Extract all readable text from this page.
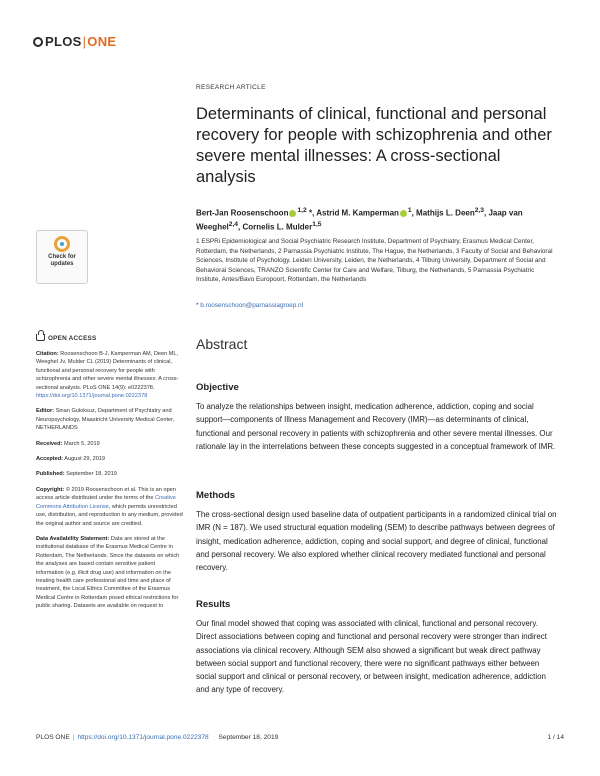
PLOS|ONE
RESEARCH ARTICLE
Determinants of clinical, functional and personal recovery for people with schizophrenia and other severe mental illnesses: A cross-sectional analysis
Bert-Jan Roosenschoon $^{1,2}$ *, Astrid M. Kamperman $^1$, Mathijs L. Deen$^{2,3}$, Jaap van Weeghel$^{2,4}$, Cornelis L. Mulder$^{1,5}$
1 ESPRi Epidemiological and Social Psychiatric Research Institute, Department of Psychiatry, Erasmus Medical Center, Rotterdam, the Netherlands, 2 Parnassia Psychiatric Institute, The Hague, the Netherlands, 3 Faculty of Social and Behavioral Sciences, Institute of Psychology, Leiden University, Leiden, the Netherlands, 4 Tilburg University, Department of Social and Behavioral Sciences, TRANZO Scientific Center for Care and Welfare, Tilburg, the Netherlands, 5 Parnassia Psychiatric Institute, Antes/Bavo Europoort, Rotterdam, the Netherlands
* b.roosenschoon@parnassiagroep.nl
Check for
updates
OPEN ACCESS
Citation: Roosenschoon B-J, Kamperman AM, Deen ML, Weeghel Jv, Mulder CL (2019) Determinants of clinical, functional and personal recovery for people with schizophrenia and other severe mental illnesses: A cross-sectional analysis. PLoS ONE 14(9): e0222378. https://doi.org/10.1371/journal.pone.0222378
Editor: Sinan Guloksuz, Department of Psychiatry and Neuropsychology, Maastricht University Medical Center, NETHERLANDS
Received: March 5, 2019
Accepted: August 29, 2019
Published: September 18, 2019
Copyright: © 2019 Roosenschoon et al. This is an open access article distributed under the terms of the Creative Commons Attribution License, which permits unrestricted use, distribution, and reproduction in any medium, provided the original author and source are credited.
Data Availability Statement: Data are stored at the institutional database of the Erasmus Medical Centre in Rotterdam, The Netherlands. Since the datasets on which the analyses are based contain sensitive patient information (e.g. illicit drug use) and information on the treating health care professional and time and place of treatment, the Local Ethics Committee of the Erasmus Medical Centre in Rotterdam posed ethical restrictions for public sharing. Datasets are available on request to
Abstract
Objective
To analyze the relationships between insight, medication adherence, addiction, coping and social support—components of Illness Management and Recovery (IMR)—as determinants of clinical, functional and personal recovery in patients with schizophrenia and other severe mental illnesses. Our rationale lay in the interrelations between these concepts suggested in a conceptual framework of IMR.
Methods
The cross-sectional design used baseline data of outpatient participants in a randomized clinical trial on IMR (N = 187). We used structural equation modeling (SEM) to describe pathways between degrees of insight, medication adherence, addiction, coping and social support, and degree of clinical, functional and personal recovery. We also explored whether clinical recovery mediated functional and personal recovery.
Results
Our final model showed that coping was associated with clinical, functional and personal recovery. Direct associations between coping and functional and personal recovery were stronger than indirect associations via clinical recovery. Although SEM also showed a significant but weak direct pathway between social support and functional recovery, there were no significant pathways either between social support and clinical or personal recovery, or between insight, medication adherence, addiction and any type of recovery.
PLOS ONE | https://doi.org/10.1371/journal.pone.0222378 September 18, 2019	1 / 14
